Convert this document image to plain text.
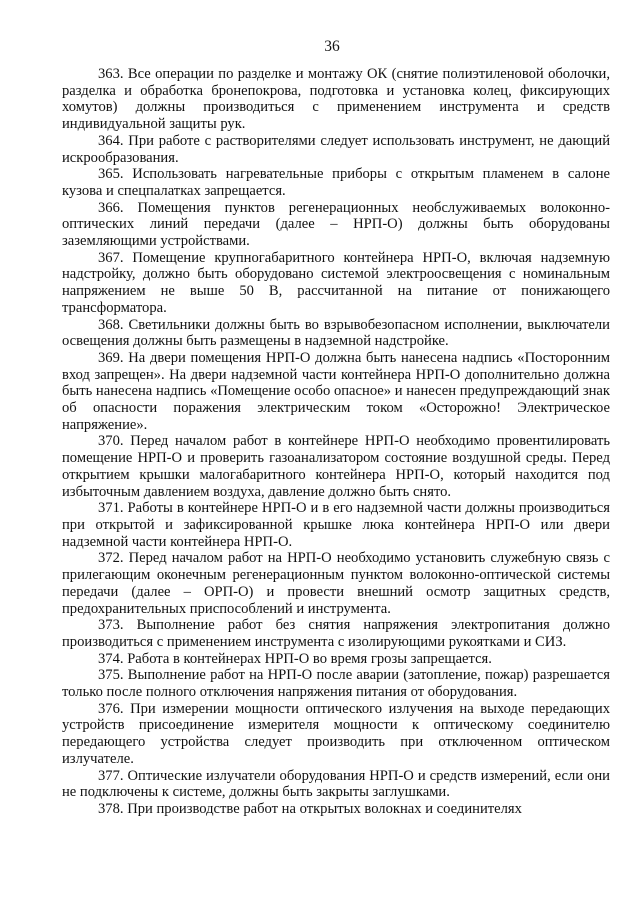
36

363. Все операции по разделке и монтажу ОК (снятие полиэтиленовой оболочки, разделка и обработка бронепокрова, подготовка и установка колец, фиксирующих хомутов) должны производиться с применением инструмента и средств индивидуальной защиты рук.

364. При работе с растворителями следует использовать инструмент, не дающий искрообразования.

365. Использовать нагревательные приборы с открытым пламенем в салоне кузова и спецпалатках запрещается.

366. Помещения пунктов регенерационных необслуживаемых волоконно-оптических линий передачи (далее – НРП-О) должны быть оборудованы заземляющими устройствами.

367. Помещение крупногабаритного контейнера НРП-О, включая надземную надстройку, должно быть оборудовано системой электроосвещения с номинальным напряжением не выше 50 В, рассчитанной на питание от понижающего трансформатора.

368. Светильники должны быть во взрывобезопасном исполнении, выключатели освещения должны быть размещены в надземной надстройке.

369. На двери помещения НРП-О должна быть нанесена надпись «Посторонним вход запрещен». На двери надземной части контейнера НРП-О дополнительно должна быть нанесена надпись «Помещение особо опасное» и нанесен предупреждающий знак об опасности поражения электрическим током «Осторожно! Электрическое напряжение».

370. Перед началом работ в контейнере НРП-О необходимо провентилировать помещение НРП-О и проверить газоанализатором состояние воздушной среды. Перед открытием крышки малогабаритного контейнера НРП-О, который находится под избыточным давлением воздуха, давление должно быть снято.

371. Работы в контейнере НРП-О и в его надземной части должны производиться при открытой и зафиксированной крышке люка контейнера НРП-О или двери надземной части контейнера НРП-О.

372. Перед началом работ на НРП-О необходимо установить служебную связь с прилегающим оконечным регенерационным пунктом волоконно-оптической системы передачи (далее – ОРП-О) и провести внешний осмотр защитных средств, предохранительных приспособлений и инструмента.

373. Выполнение работ без снятия напряжения электропитания должно производиться с применением инструмента с изолирующими рукоятками и СИЗ.

374. Работа в контейнерах НРП-О во время грозы запрещается.

375. Выполнение работ на НРП-О после аварии (затопление, пожар) разрешается только после полного отключения напряжения питания от оборудования.

376. При измерении мощности оптического излучения на выходе передающих устройств присоединение измерителя мощности к оптическому соединителю передающего устройства следует производить при отключенном оптическом излучателе.

377. Оптические излучатели оборудования НРП-О и средств измерений, если они не подключены к системе, должны быть закрыты заглушками.

378. При производстве работ на открытых волокнах и соединителях
